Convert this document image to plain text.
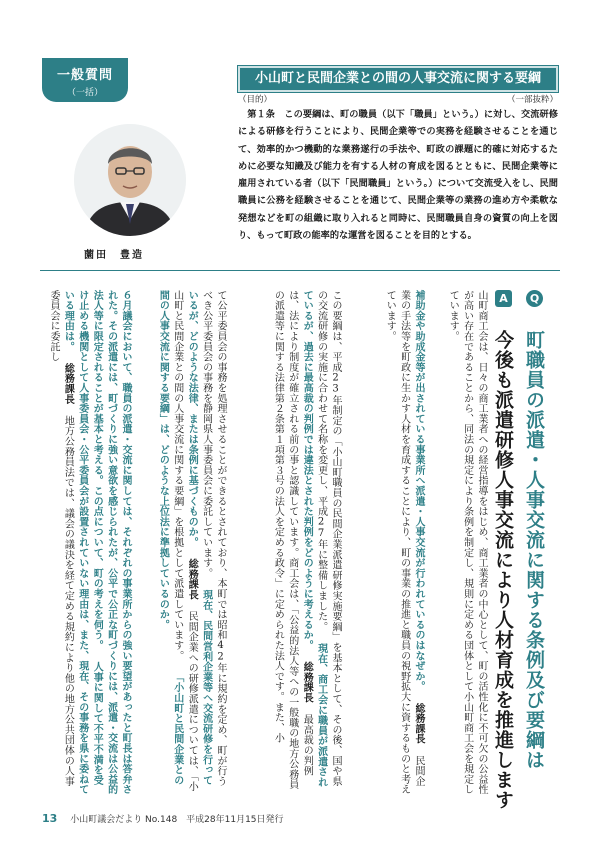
一般質問
（一括）
小山町と民間企業との間の人事交流に関する要綱
（目的）	（一部抜粋）

第１条　この要綱は、町の職員（以下「職員」という。）に対し、交流研修による研修を行うことにより、民間企業等での実務を経験させることを通じて、効率的かつ機動的な業務遂行の手法や、町政の課題に的確に対応するために必要な知識及び能力を有する人材の育成を図るとともに、民間企業等に雇用されている者（以下「民間職員」という。）について交流受入をし、民間職員に公務を経験させることを通じて、民間企業等の業務の進め方や柔軟な発想などを町の組織に取り入れると同時に、民間職員自身の資質の向上を図り、もって町政の能率的な運営を図ることを目的とする。

薗田　豊造
Q 町職員の派遣・人事交流に関する条例及び要綱は
A 今後も派遣研修人事交流により人材育成を推進します
山町商工会は、日々の商工業者への経営指導をはじめ、商工業者の中心として、町の活性化に不可欠の公益性が高い存在であることから、同法の規定により条例を制定し、規則に定める団体として小山町商工会を規定しています。
補助金や助成金等が出されている事業所へ派遣・人事交流が行われているのはなぜか。 総務課長 民間企業の手法等を町政に生かす人材を育成することにより、町の事業の推進と職員の視野拡大に資するものと考えています。
この要綱は、平成23年制定の「小山町職員の民間企業派遣研修実施要綱」を基本として、その後、国や県の交流研修の実施に合わせて名称を変更し、平成27年に整備しました。 現在、商工会に職員が派遣されているが、過去に最高裁の判例では違法とされた判例をどのように考えるか。 総務課長 最高裁の判例は、法により制度が確立される前の事と認識しています。商工会は、「公益的法人等への一般職の地方公務員の派遣等に関する法律第２条第１項第３号の法人を定める政令」に定められた法人です。また、小
て公平委員会の事務を処理させることができるとされており、本町では昭和42年に規約を定め、町が行うべき公平委員会の事務を静岡県人事委員会に委託しています。 現在、民間営利企業等へ交流研修を行っているが、どのような法律、または条例に基づくものか。 総務課長 民間企業への研修派遣については、「小山町と民間企業との間の人事交流に関する要綱」を根拠として派遣しています。 「小山町と民間企業との間の人事交流に関する要綱」は、どのような上位法に準拠しているのか。
６月議会において、職員の派遣・交流に関しては、それぞれの事業所からの強い要望があったと町長は答弁された。その派遣には、町づくりに強い意欲を感じられたが、公平で公正な町づくりには、派遣・交流は公益的法人等に限定されることが基本と考える。この点について、町の考えを伺う。 人事に関して不平不満を受け止める機関として人事委員会・公平委員会が設置されていない理由は、また、現在、その事務を県に委ねている理由は。 総務課長 地方公務員法では、議会の議決を経て定める規約により他の地方公共団体の人事委員会に委託し
13 小山町議会だより No.148　平成28年11月15日発行
